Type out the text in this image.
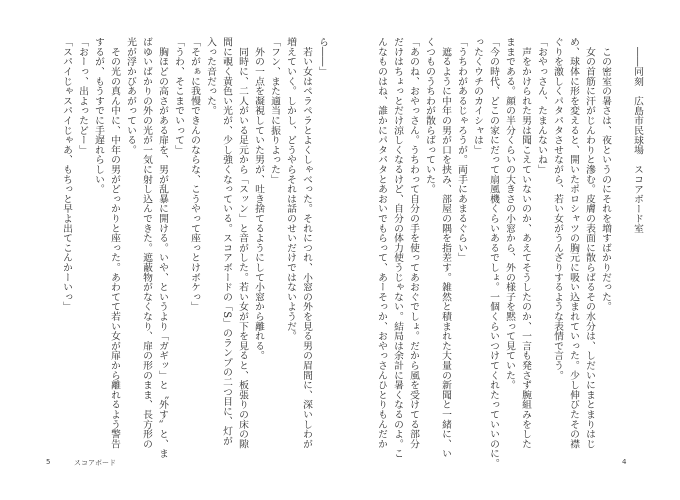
――同刻　広島市民球場　スコアボード室
　この密室の暑さは、夜というのにそれを増すばかりだった。
　女の首筋に汗がじんわりと滲む。皮膚の表面に散らばるその水分は、しだいにまとまりはじ
め、球体に形を変えると、開いたポロシャツの胸元に吸い込まれていった。少し伸びたその襟
ぐりを激しくパタパタさせながら、若い女がうんざりするような表情で言う。
「おやっさん、たまんないね」
　声をかけられた男は聞こえていないのか、あえてそうしたのか、一言も発さず腕組みをした
ままである。顔の半分くらいの大きさの小窓から、外の様子を黙って見ていた。
「今の時代、どこの家にだって扇風機くらいあるでしょ。一個くらいつけてくれたっていいのに。
ったくウチのカイシャは」
「うちわがあるじゃろうが。両手にあまるぐらい」
　遮るように中年の男が口を挟み、部屋の隅を指差す。雑然と積まれた大量の新聞と一緒に、い
くつものうちわが散らばっていた。
「あのね、おやっさん。うちわって自分の手を使ってあおぐでしょ。だから風を受けてる部分
だけはちょっとだけ涼しくなるけど、自分の体力使うじゃない。結局は余計に暑くなるのよ。こ
んなものはね、誰かにパタパタとあおいでもらって、あーそっか、おやっさんひとりもんだか
ら――」
　若い女はペラペラとよくしゃべった。それにつれ、小窓の外を見る男の眉間に、深いしわが
増えていく。しかし、どうやらそれは話のせいだけではないようだ。
「フン、また適当に振りよった」
　外の一点を凝視していた男が、吐き捨てるようにして小窓から離れる。
　同時に、二人がいる足元から「スッン」と音がした。若い女が下を見ると、板張りの床の隙
間に覗く黄色い光が、少し強くなっている。スコアボードの「S」のランプの二つ目に、灯が
入った音だった。
「そがぁに我慢できんのならな、こうやって座っとけボケっ」
「うわ、そこまでいって」
　胸ほどの高さがある扉を、男が乱暴に開ける。いや、というより「ガギッ」と〝外す〟と、ま
ばゆいばかりの外の光が一気に射し込んできた。遮蔽物がなくなり、扉の形のまま、長方形の
光が浮かびあがっている。
　その光の真ん中に、中年の男がどっかりと座った。あわてて若い女が扉から離れるよう警告
するが、もうすでに手遅れらしい。
「おーっ、出よったどー」
「スパイじゃスパイじゃあ、もちっと早よ出てこんかーいっ」
4
5	スコアボード
